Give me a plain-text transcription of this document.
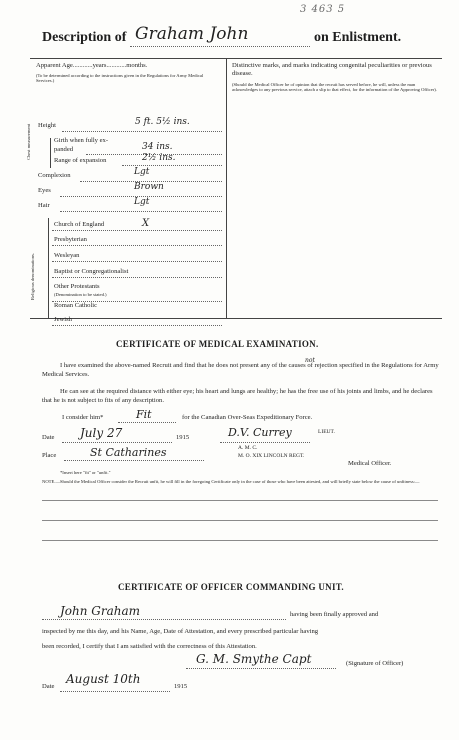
3 463 5
Description of Graham John	on Enlistment.
Apparent Age............years............months.
(To be determined according to the instructions given in the Regulations for Army Medical Services.)
Height	5 ft. 5½ ins.
Chest measurement	Girth when fully ex-
panded	34 ins.
Range of expansion	2½ ins.
Complexion	Lgt
Eyes	Brown
Hair	Lgt
Religious denominations.
Church of England	X
Presbyterian
Wesleyan
Baptist or Congregationalist
Other Protestants
(Denomination to be stated.)
Roman Catholic
Jewish
Distinctive marks, and marks indicating congenital peculiarities or previous disease.
(Should the Medical Officer be of opinion that the recruit has served before, he will, unless the man acknowledges to any previous service, attach a slip to that effect, for the information of the Approving Officer).
CERTIFICATE OF MEDICAL EXAMINATION.
I have examined the above-named Recruit and find that he does not present any of the causes of rejection specified in the Regulations for Army Medical Services.
not
He can see at the required distance with either eye; his heart and lungs are healthy; he has the free use of his joints and limbs, and he declares that he is not subject to fits of any description.
I consider him*	Fit	for the Canadian Over-Seas Expeditionary Force.
Date July 27	1915	D.V. Currey	LIEUT.
Place	St Catharines	A. M. C.
M. O. XIX LINCOLN REGT.
Medical Officer.
*Insert here "fit" or "unfit."
NOTE.—Should the Medical Officer consider the Recruit unfit, he will fill in the foregoing Certificate only in the case of those who have been attested, and will briefly state below the cause of unfitness:—
CERTIFICATE OF OFFICER COMMANDING UNIT.
John Graham	having been finally approved and
inspected by me this day, and his Name, Age, Date of Attestation, and every prescribed particular having
been recorded, I certify that I am satisfied with the correctness of this Attestation.
G. M. Smythe Capt	(Signature of Officer)
Date
August 10th
1915
